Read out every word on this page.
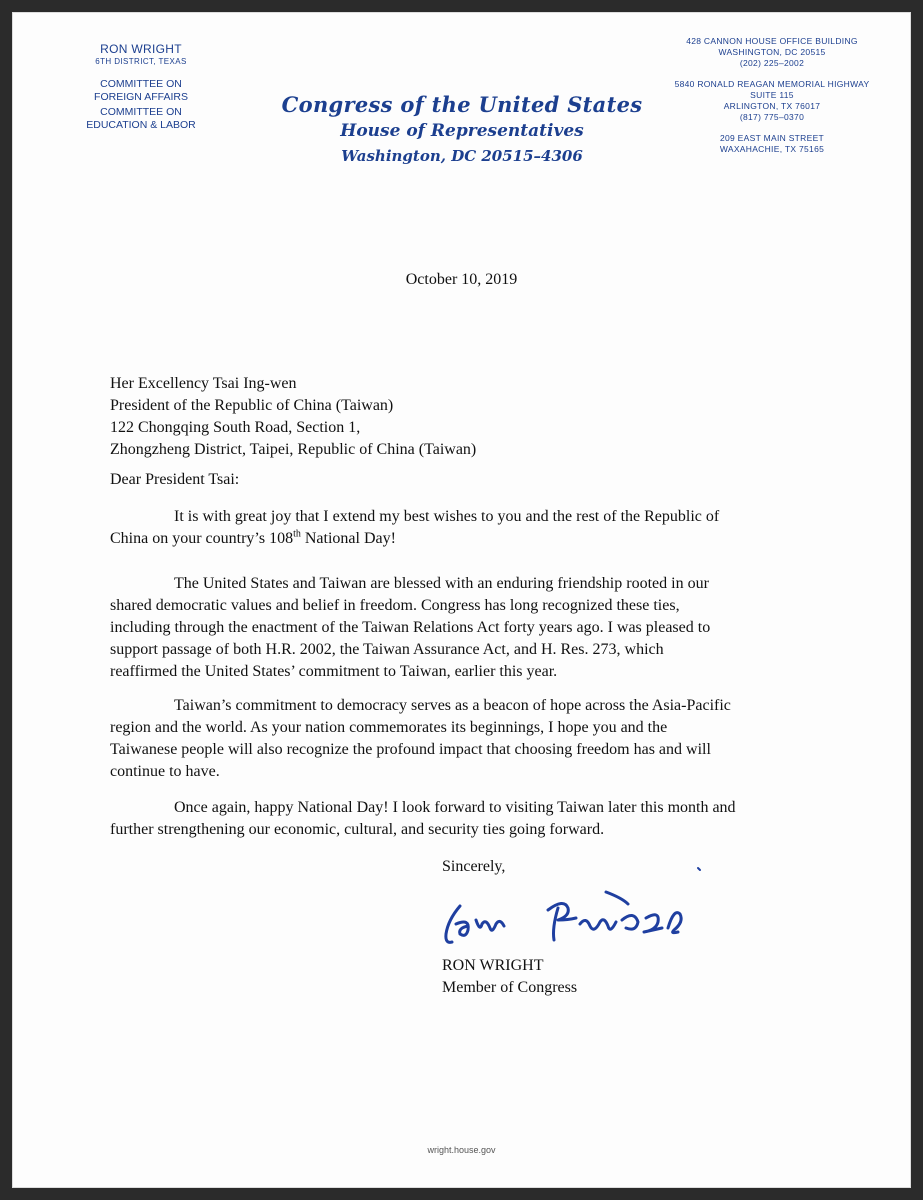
RON WRIGHT
6TH DISTRICT, TEXAS
COMMITTEE ON
FOREIGN AFFAIRS
COMMITTEE ON
EDUCATION & LABOR
Congress of the United States
House of Representatives
Washington, DC 20515–4306
428 CANNON HOUSE OFFICE BUILDING
WASHINGTON, DC 20515
(202) 225–2002
5840 RONALD REAGAN MEMORIAL HIGHWAY
SUITE 115
ARLINGTON, TX 76017
(817) 775–0370
209 EAST MAIN STREET
WAXAHACHIE, TX 75165
October 10, 2019
Her Excellency Tsai Ing-wen
President of the Republic of China (Taiwan)
122 Chongqing South Road, Section 1,
Zhongzheng District, Taipei, Republic of China (Taiwan)
Dear President Tsai:
It is with great joy that I extend my best wishes to you and the rest of the Republic of
China on your country’s 108th National Day!
The United States and Taiwan are blessed with an enduring friendship rooted in our
shared democratic values and belief in freedom. Congress has long recognized these ties,
including through the enactment of the Taiwan Relations Act forty years ago. I was pleased to
support passage of both H.R. 2002, the Taiwan Assurance Act, and H. Res. 273, which
reaffirmed the United States’ commitment to Taiwan, earlier this year.
Taiwan’s commitment to democracy serves as a beacon of hope across the Asia-Pacific
region and the world. As your nation commemorates its beginnings, I hope you and the
Taiwanese people will also recognize the profound impact that choosing freedom has and will
continue to have.
Once again, happy National Day! I look forward to visiting Taiwan later this month and
further strengthening our economic, cultural, and security ties going forward.
Sincerely,
RON WRIGHT
Member of Congress
wright.house.gov
